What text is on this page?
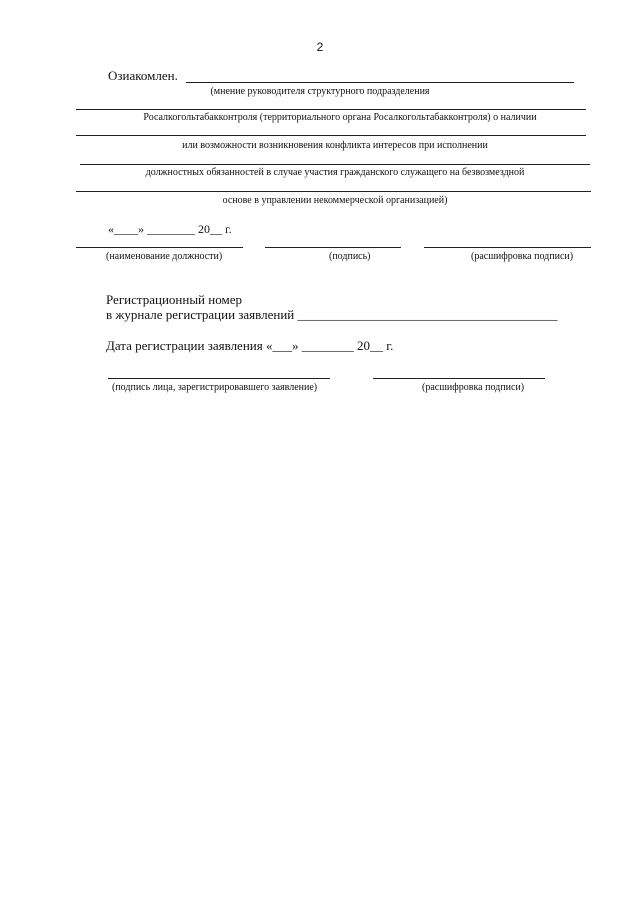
2
Озиакомлен.
(мнение руководителя структурного подразделения
Росалкогольтабакконтроля (территориального органа Росалкогольтабакконтроля) о наличии
или возможности возникновения конфликта интересов при исполнении
должностных обязанностей в случае участия гражданского служащего на безвозмездной
основе в управлении некоммерческой организацией)
«____» ________ 20__ г.
(наименование должности)	(подпись)	(расшифровка подписи)
Регистрационный номер
в журнале регистрации заявлений ________________________________________
Дата регистрации заявления «___» ________ 20__ г.
(подпись лица, зарегистрировавшего заявление)	(расшифровка подписи)
